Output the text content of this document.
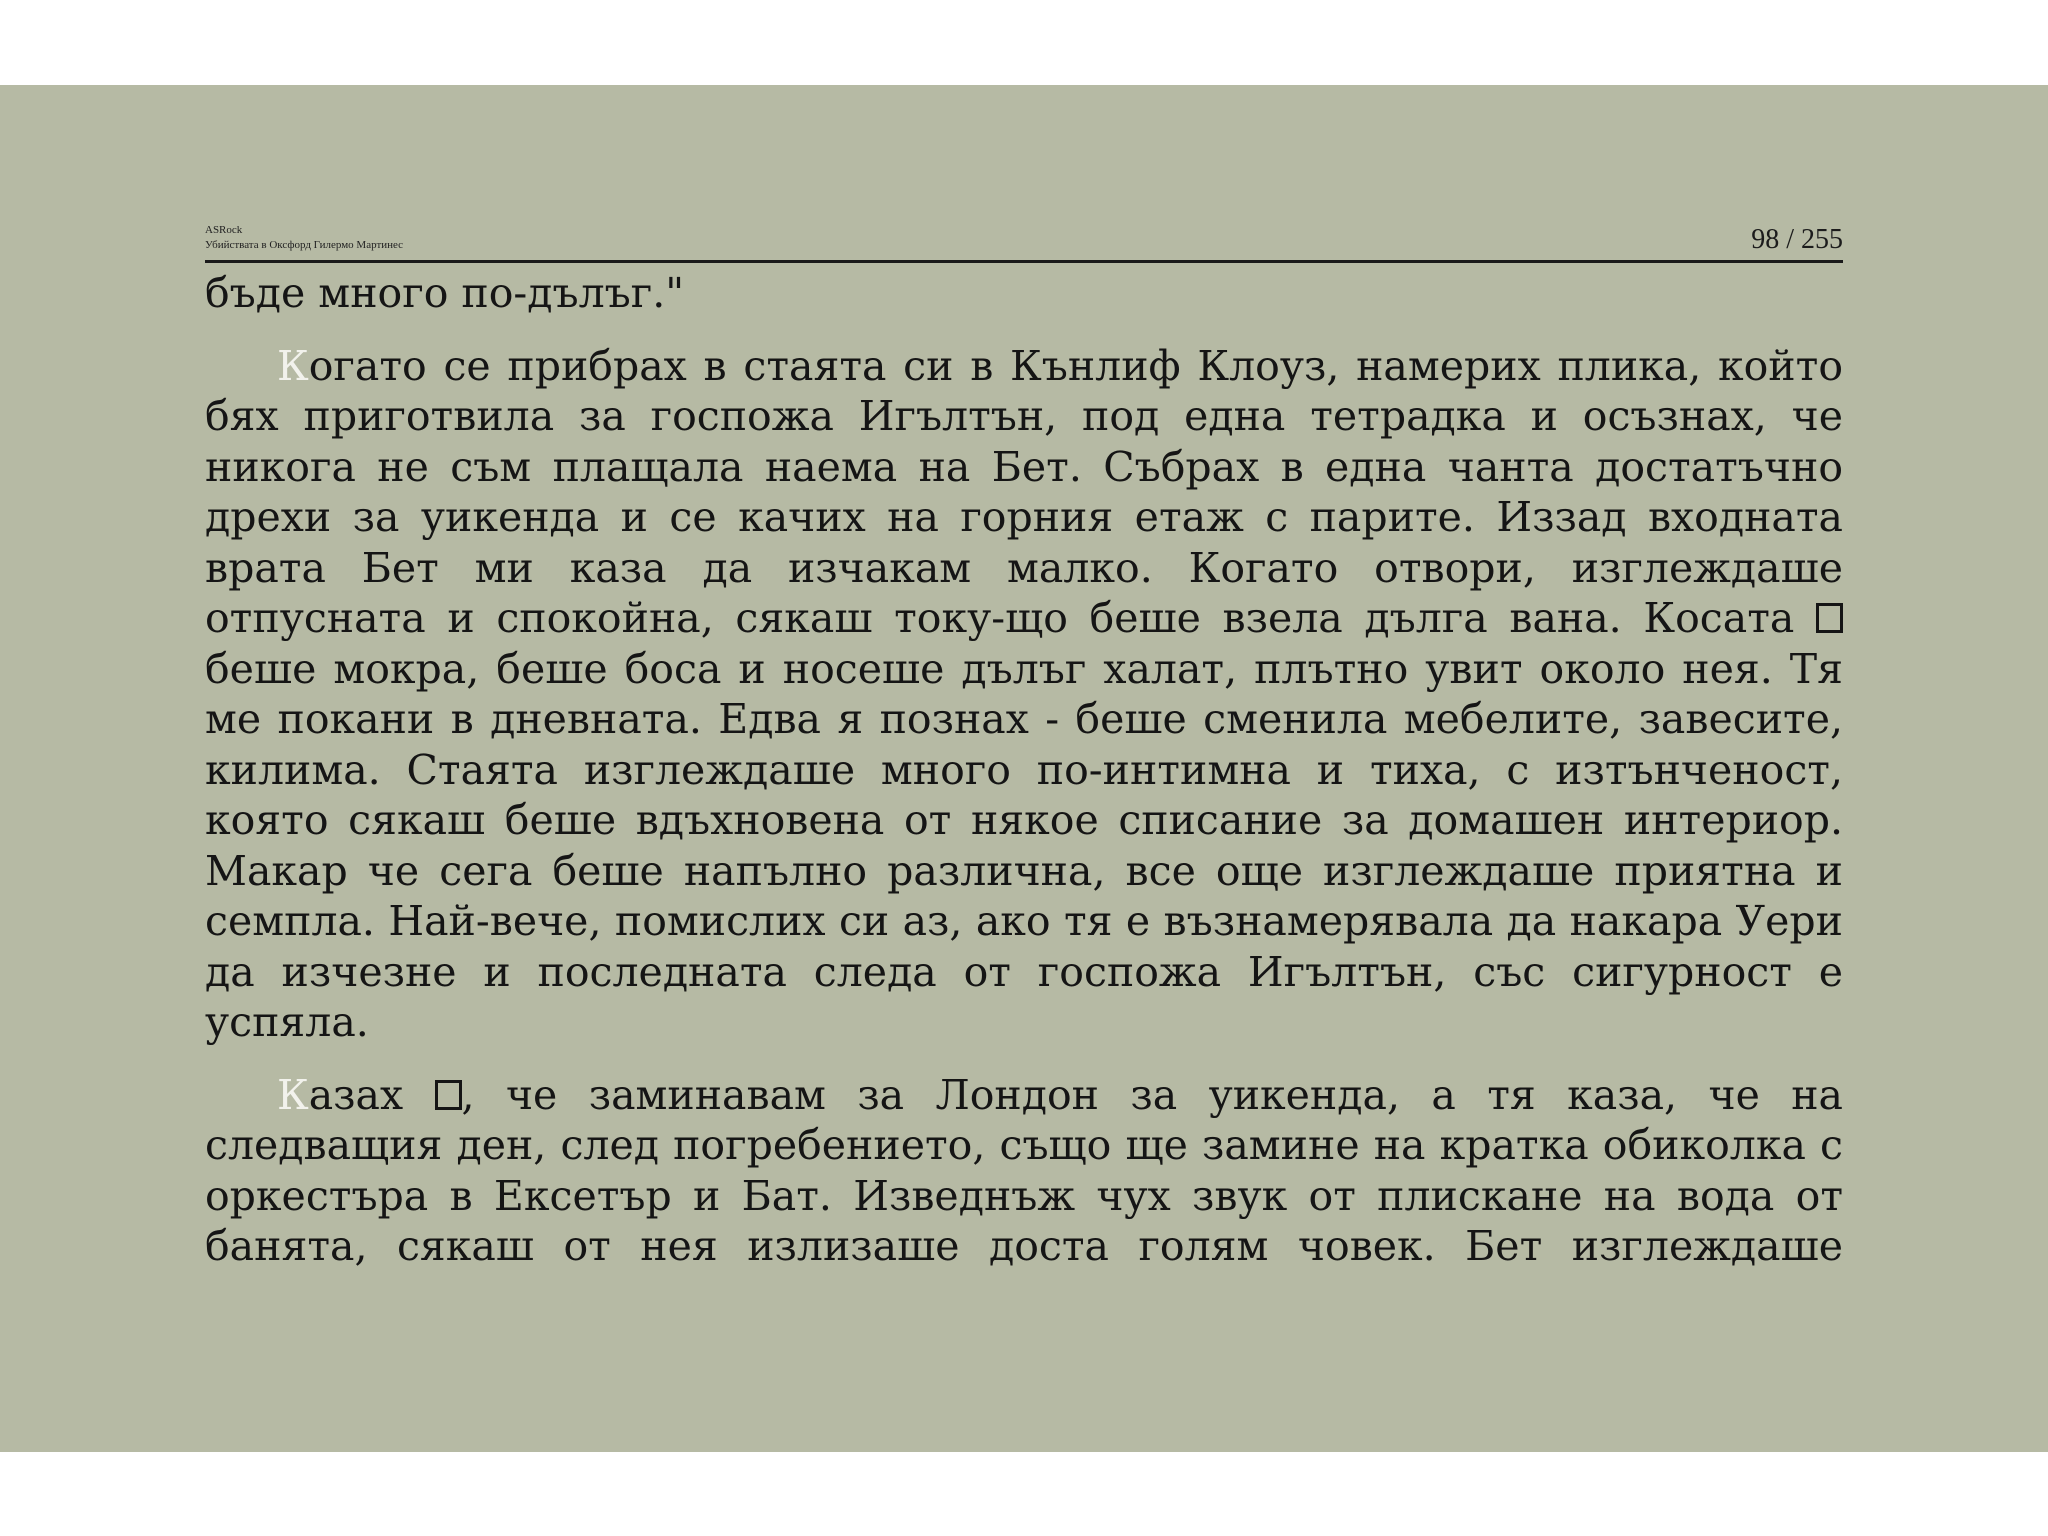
ASRock
Убийствата в Оксфорд Гилермо Мартинес	98 / 255

бъде много по-дълъг."

Когато се прибрах в стаята си в Кънлиф Клоуз, намерих плика, който бях приготвила за госпожа Игълтън, под една тетрадка и осъзнах, че никога не съм плащала наема на Бет. Събрах в една чанта достатъчно дрехи за уикенда и се качих на горния етаж с парите. Иззад входната врата Бет ми каза да изчакам малко. Когато отвори, изглеждаше отпусната и спокойна, сякаш току-що беше взела дълга вана. Косата  беше мокра, беше боса и носеше дълъг халат, плътно увит около нея. Тя ме покани в дневната. Едва я познах - беше сменила мебелите, завесите, килима. Стаята изглеждаше много по-интимна и тиха, с изтънченост, която сякаш беше вдъхновена от някое списание за домашен интериор. Макар че сега беше напълно различна, все още изглеждаше приятна и семпла. Най-вече, помислих си аз, ако тя е възнамерявала да накара Уери да изчезне и последната следа от госпожа Игълтън, със сигурност е успяла.

Казах , че заминавам за Лондон за уикенда, а тя каза, че на следващия ден, след погребението, също ще замине на кратка обиколка с оркестъра в Ексетър и Бат. Изведнъж чух звук от плискане на вода от банята, сякаш от нея излизаше доста голям човек. Бет изглеждаше
